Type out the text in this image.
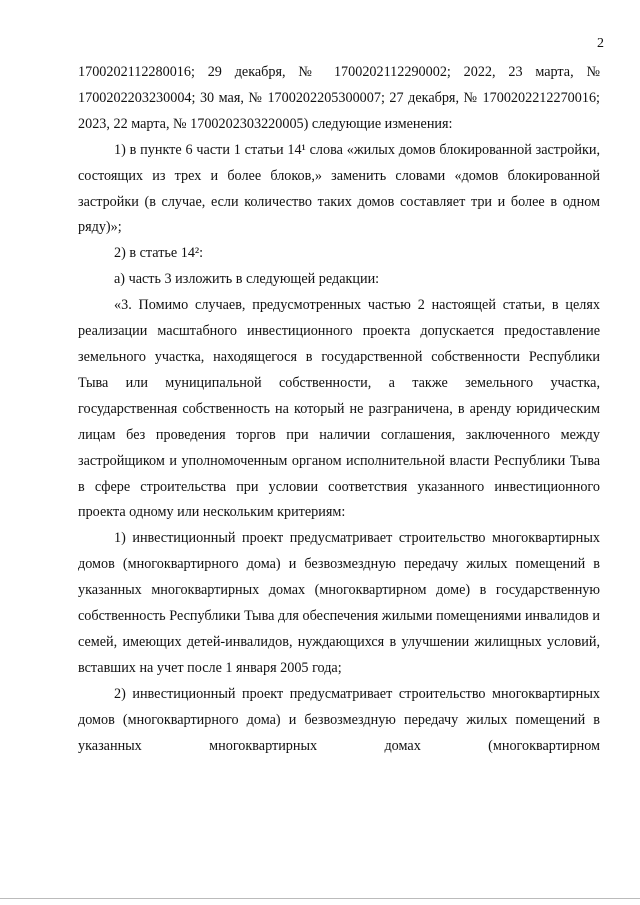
2

1700202112280016; 29 декабря, № 1700202112290002; 2022, 23 марта, № 1700202203230004; 30 мая, № 1700202205300007; 27 декабря, № 1700202212270016; 2023, 22 марта, № 1700202303220005) следующие изменения:

1) в пункте 6 части 1 статьи 14¹ слова «жилых домов блокированной застройки, состоящих из трех и более блоков,» заменить словами «домов блокированной застройки (в случае, если количество таких домов составляет три и более в одном ряду)»;

2) в статье 14²:

а) часть 3 изложить в следующей редакции:

«3. Помимо случаев, предусмотренных частью 2 настоящей статьи, в целях реализации масштабного инвестиционного проекта допускается предоставление земельного участка, находящегося в государственной собственности Республики Тыва или муниципальной собственности, а также земельного участка, государственная собственность на который не разграничена, в аренду юридическим лицам без проведения торгов при наличии соглашения, заключенного между застройщиком и уполномоченным органом исполнительной власти Республики Тыва в сфере строительства при условии соответствия указанного инвестиционного проекта одному или нескольким критериям:

1) инвестиционный проект предусматривает строительство многоквартирных домов (многоквартирного дома) и безвозмездную передачу жилых помещений в указанных многоквартирных домах (многоквартирном доме) в государственную собственность Республики Тыва для обеспечения жилыми помещениями инвалидов и семей, имеющих детей-инвалидов, нуждающихся в улучшении жилищных условий, вставших на учет после 1 января 2005 года;

2) инвестиционный проект предусматривает строительство многоквартирных домов (многоквартирного дома) и безвозмездную передачу жилых помещений в указанных многоквартирных домах (многоквартирном
